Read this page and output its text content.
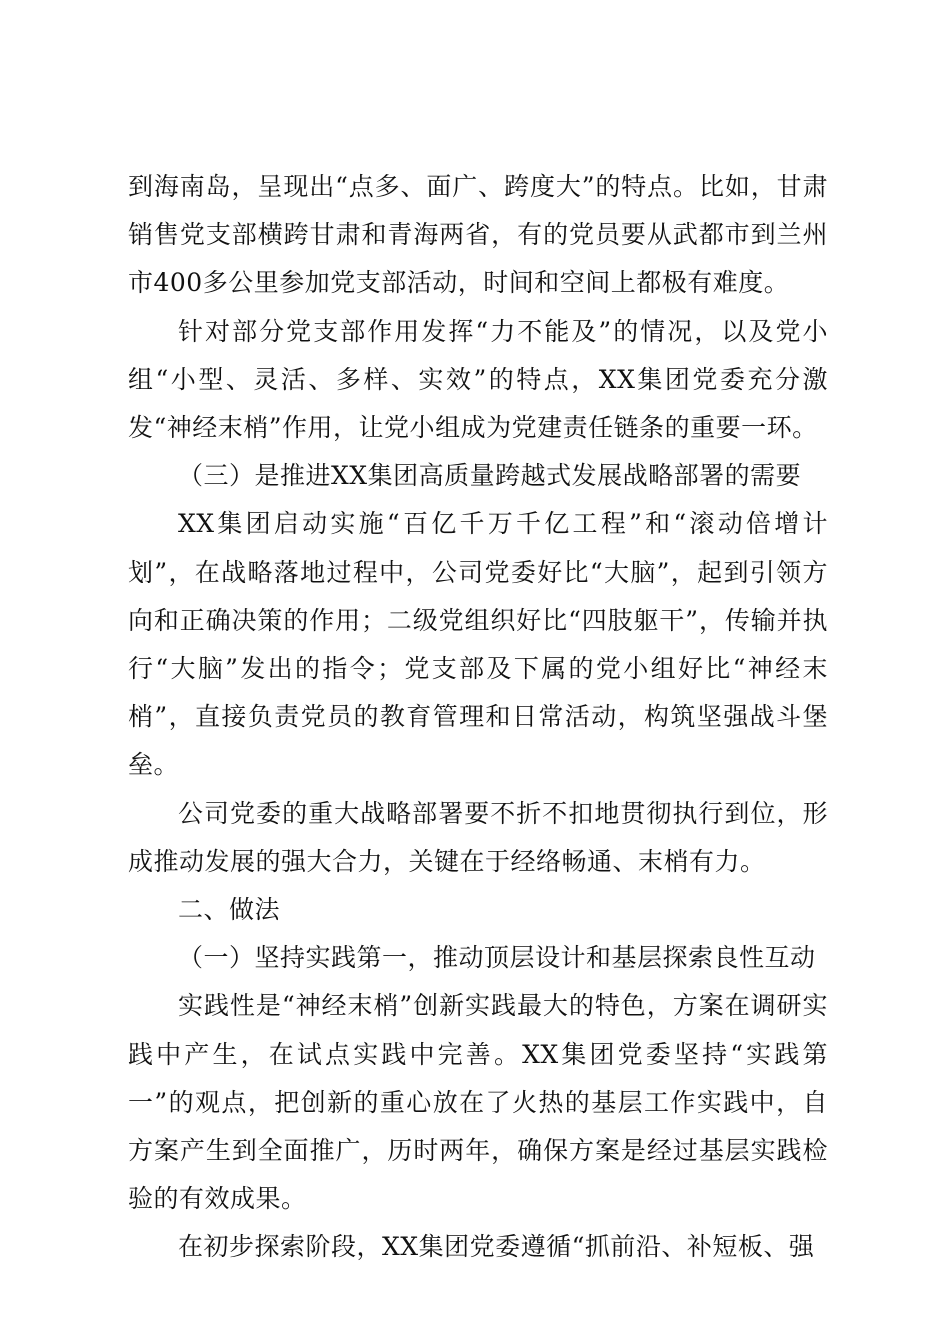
到海南岛，呈现出“点多、面广、跨度大”的特点。比如，甘肃销售党支部横跨甘肃和青海两省，有的党员要从武都市到兰州市400多公里参加党支部活动，时间和空间上都极有难度。

针对部分党支部作用发挥“力不能及”的情况，以及党小组“小型、灵活、多样、实效”的特点，XX集团党委充分激发“神经末梢”作用，让党小组成为党建责任链条的重要一环。

（三）是推进XX集团高质量跨越式发展战略部署的需要

XX集团启动实施“百亿千万千亿工程”和“滚动倍增计划”，在战略落地过程中，公司党委好比“大脑”，起到引领方向和正确决策的作用；二级党组织好比“四肢躯干”，传输并执行“大脑”发出的指令；党支部及下属的党小组好比“神经末梢”，直接负责党员的教育管理和日常活动，构筑坚强战斗堡垒。

公司党委的重大战略部署要不折不扣地贯彻执行到位，形成推动发展的强大合力，关键在于经络畅通、末梢有力。

二、做法

（一）坚持实践第一，推动顶层设计和基层探索良性互动

实践性是“神经末梢”创新实践最大的特色，方案在调研实践中产生，在试点实践中完善。XX集团党委坚持“实践第一”的观点，把创新的重心放在了火热的基层工作实践中，自方案产生到全面推广，历时两年，确保方案是经过基层实践检验的有效成果。

在初步探索阶段，XX集团党委遵循“抓前沿、补短板、强
